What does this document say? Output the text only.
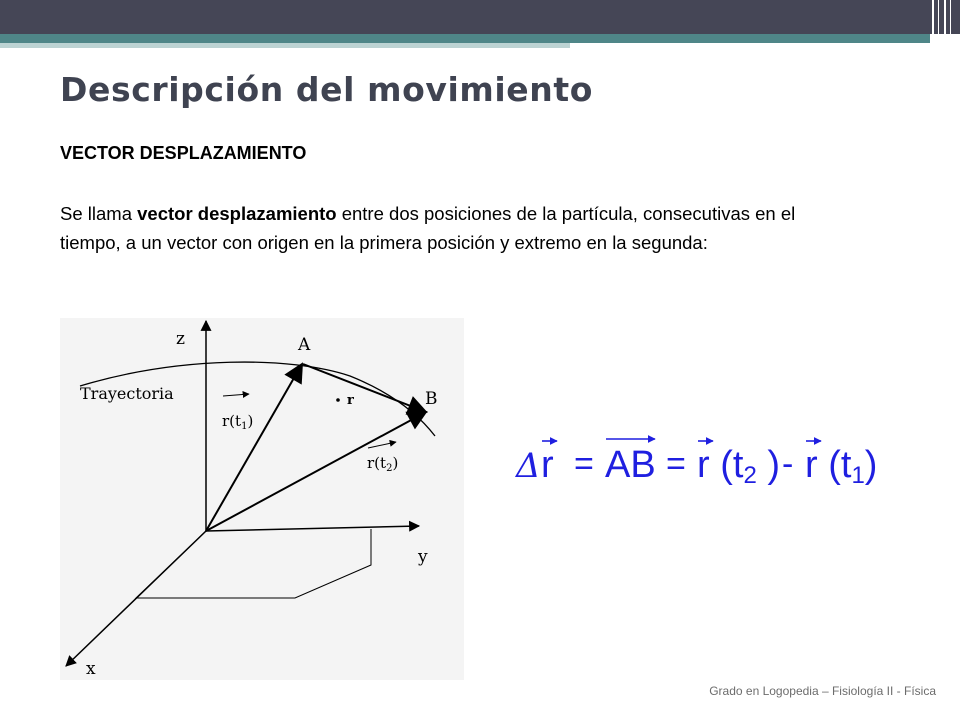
Descripción del movimiento

VECTOR DESPLAZAMIENTO

Se llama vector desplazamiento entre dos posiciones de la partícula, consecutivas en el tiempo, a un vector con origen en la primera posición y extremo en la segunda:

r
z
y
x
Trayectoria
A
B
$r(t_1)$
$r(t_2)$	Δ r = AB = r (t2 ) - r (t1)

Grado en Logopedia – Fisiología II - Física
